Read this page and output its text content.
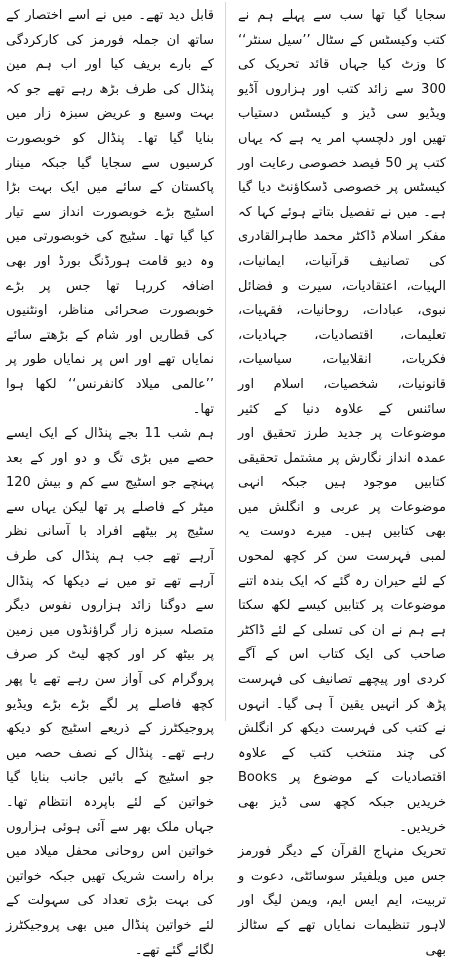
سجایا گیا تھا سب سے پہلے ہم نے کتب وکیسٹس کے سٹال ’’سیل سنٹر‘‘ کا وزٹ کیا جہاں قائد تحریک کی 300 سے زائد کتب اور ہزاروں آڈیو ویڈیو سی ڈیز و کیسٹس دستیاب تھیں اور دلچسپ امر یہ ہے کہ یہاں کتب پر 50 فیصد خصوصی رعایت اور کیسٹس پر خصوصی ڈسکاؤنٹ دیا گیا ہے۔ میں نے تفصیل بتاتے ہوئے کہا کہ مفکر اسلام ڈاکٹر محمد طاہرالقادری کی تصانیف قرآنیات، ایمانیات، الہیات، اعتقادیات، سیرت و فضائل نبوی، عبادات، روحانیات، فقہیات، تعلیمات، اقتصادیات، جہادیات، فکریات، انقلابیات، سیاسیات، قانونیات، شخصیات، اسلام اور سائنس کے علاوہ دنیا کے کثیر موضوعات پر جدید طرز تحقیق اور عمدہ انداز نگارش پر مشتمل تحقیقی کتابیں موجود ہیں جبکہ انہی موضوعات پر عربی و انگلش میں بھی کتابیں ہیں۔ میرے دوست یہ لمبی فہرست سن کر کچھ لمحوں کے لئے حیران رہ گئے کہ ایک بندہ اتنے موضوعات پر کتابیں کیسے لکھ سکتا ہے ہم نے ان کی تسلی کے لئے ڈاکٹر صاحب کی ایک کتاب اس کے آگے کردی اور پیچھے تصانیف کی فہرست پڑھ کر انہیں یقین آ ہی گیا۔ انہوں نے کتب کی فہرست دیکھ کر انگلش کی چند منتخب کتب کے علاوہ اقتصادیات کے موضوع پر Books خریدیں جبکہ کچھ سی ڈیز بھی خریدیں۔

تحریک منہاج القرآن کے دیگر فورمز جس میں ویلفیئر سوسائٹی، دعوت و تربیت، ایم ایس ایم، ویمن لیگ اور لاہور تنظیمات نمایاں تھے کے سٹالز بھی

قابل دید تھے۔ میں نے اسے اختصار کے ساتھ ان جملہ فورمز کی کارکردگی کے بارے بریف کیا اور اب ہم مین پنڈال کی طرف بڑھ رہے تھے جو کہ بہت وسیع و عریض سبزہ زار میں بنایا گیا تھا۔ پنڈال کو خوبصورت کرسیوں سے سجایا گیا جبکہ مینار پاکستان کے سائے میں ایک بہت بڑا اسٹیج بڑے خوبصورت انداز سے تیار کیا گیا تھا۔ سٹیج کی خوبصورتی میں وہ دیو قامت ہورڈنگ بورڈ اور بھی اضافہ کررہا تھا جس پر بڑے خوبصورت صحرائی مناظر، اونٹنیوں کی قطاریں اور شام کے بڑھتے سائے نمایاں تھے اور اس پر نمایاں طور پر ’’عالمی میلاد کانفرنس‘‘ لکھا ہوا تھا۔

ہم شب 11 بجے پنڈال کے ایک ایسے حصے میں بڑی تگ و دو اور کے بعد پہنچے جو اسٹیج سے کم و بیش 120 میٹر کے فاصلے پر تھا لیکن یہاں سے سٹیج پر بیٹھے افراد با آسانی نظر آرہے تھے جب ہم پنڈال کی طرف آرہے تھے تو میں نے دیکھا کہ پنڈال سے دوگنا زائد ہزاروں نفوس دیگر متصلہ سبزہ زار گراؤنڈوں میں زمین پر بیٹھ کر اور کچھ لیٹ کر صرف پروگرام کی آواز سن رہے تھے یا پھر کچھ فاصلے پر لگے بڑے بڑے ویڈیو پروجیکٹرز کے ذریعے اسٹیج کو دیکھ رہے تھے۔ پنڈال کے نصف حصہ میں جو اسٹیج کے بائیں جانب بنایا گیا خواتین کے لئے باپردہ انتظام تھا۔ جہاں ملک بھر سے آئی ہوئی ہزاروں خواتین اس روحانی محفل میلاد میں براہ راست شریک تھیں جبکہ خواتین کی بہت بڑی تعداد کی سہولت کے لئے خواتین پنڈال میں بھی پروجیکٹرز لگائے گئے تھے۔
